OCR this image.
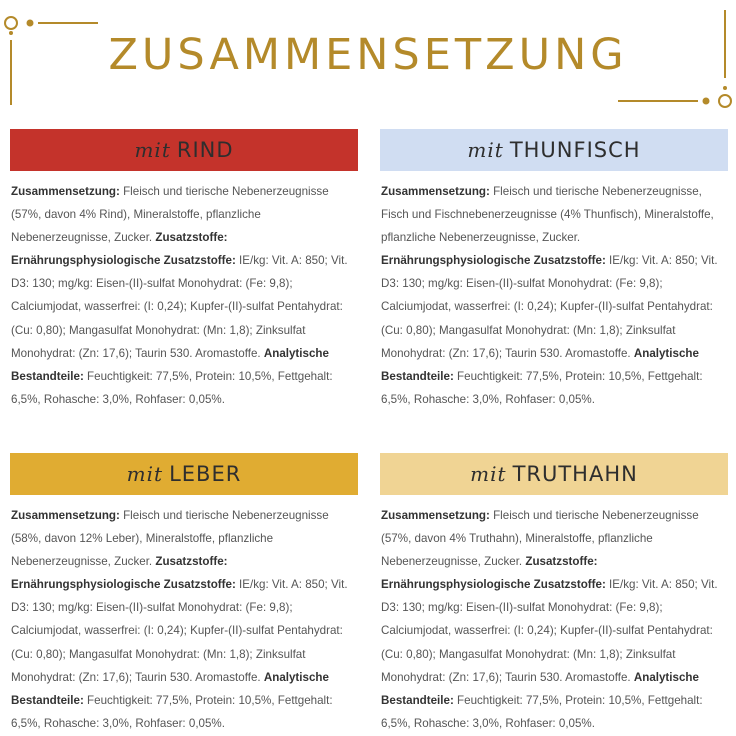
ZUSAMMENSETZUNG
mit RIND
Zusammensetzung: Fleisch und tierische Nebenerzeugnisse (57%, davon 4% Rind), Mineralstoffe, pflanzliche Nebenerzeugnisse, Zucker. Zusatzstoffe: Ernährungsphysiologische Zusatzstoffe: IE/kg: Vit. A: 850; Vit. D3: 130; mg/kg: Eisen-(II)-sulfat Monohydrat: (Fe: 9,8); Calciumjodat, wasserfrei: (I: 0,24); Kupfer-(II)-sulfat Pentahydrat: (Cu: 0,80); Mangasulfat Monohydrat: (Mn: 1,8); Zinksulfat Monohydrat: (Zn: 17,6); Taurin 530. Aromastoffe. Analytische Bestandteile: Feuchtigkeit: 77,5%, Protein: 10,5%, Fettgehalt: 6,5%, Rohasche: 3,0%, Rohfaser: 0,05%.
mit THUNFISCH
Zusammensetzung: Fleisch und tierische Nebenerzeugnisse, Fisch und Fischnebenerzeugnisse (4% Thunfisch), Mineralstoffe, pflanzliche Nebenerzeugnisse, Zucker. Ernährungsphysiologische Zusatzstoffe: IE/kg: Vit. A: 850; Vit. D3: 130; mg/kg: Eisen-(II)-sulfat Monohydrat: (Fe: 9,8); Calciumjodat, wasserfrei: (I: 0,24); Kupfer-(II)-sulfat Pentahydrat: (Cu: 0,80); Mangasulfat Monohydrat: (Mn: 1,8); Zinksulfat Monohydrat: (Zn: 17,6); Taurin 530. Aromastoffe. Analytische Bestandteile: Feuchtigkeit: 77,5%, Protein: 10,5%, Fettgehalt: 6,5%, Rohasche: 3,0%, Rohfaser: 0,05%.
mit LEBER
Zusammensetzung: Fleisch und tierische Nebenerzeugnisse (58%, davon 12% Leber), Mineralstoffe, pflanzliche Nebenerzeugnisse, Zucker. Zusatzstoffe: Ernährungsphysiologische Zusatzstoffe: IE/kg: Vit. A: 850; Vit. D3: 130; mg/kg: Eisen-(II)-sulfat Monohydrat: (Fe: 9,8); Calciumjodat, wasserfrei: (I: 0,24); Kupfer-(II)-sulfat Pentahydrat: (Cu: 0,80); Mangasulfat Monohydrat: (Mn: 1,8); Zinksulfat Monohydrat: (Zn: 17,6); Taurin 530. Aromastoffe. Analytische Bestandteile: Feuchtigkeit: 77,5%, Protein: 10,5%, Fettgehalt: 6,5%, Rohasche: 3,0%, Rohfaser: 0,05%.
mit TRUTHAHN
Zusammensetzung: Fleisch und tierische Nebenerzeugnisse (57%, davon 4% Truthahn), Mineralstoffe, pflanzliche Nebenerzeugnisse, Zucker. Zusatzstoffe: Ernährungsphysiologische Zusatzstoffe: IE/kg: Vit. A: 850; Vit. D3: 130; mg/kg: Eisen-(II)-sulfat Monohydrat: (Fe: 9,8); Calciumjodat, wasserfrei: (I: 0,24); Kupfer-(II)-sulfat Pentahydrat: (Cu: 0,80); Mangasulfat Monohydrat: (Mn: 1,8); Zinksulfat Monohydrat: (Zn: 17,6); Taurin 530. Aromastoffe. Analytische Bestandteile: Feuchtigkeit: 77,5%, Protein: 10,5%, Fettgehalt: 6,5%, Rohasche: 3,0%, Rohfaser: 0,05%.
